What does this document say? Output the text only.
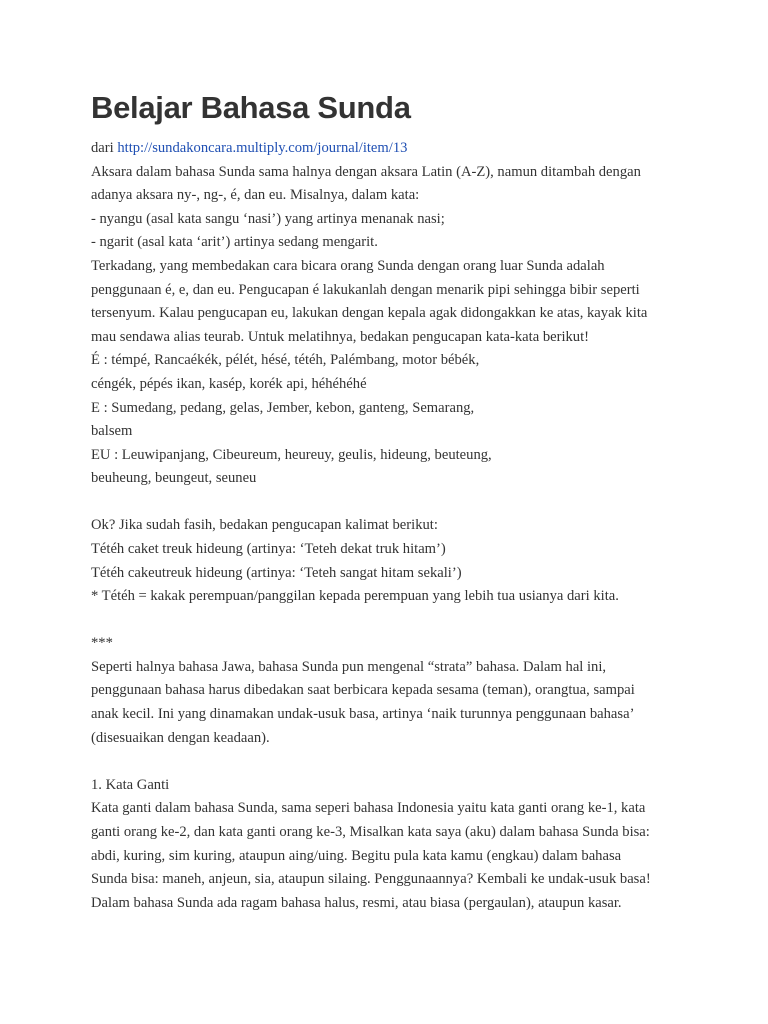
Belajar Bahasa Sunda

dari http://sundakoncara.multiply.com/journal/item/13

Aksara dalam bahasa Sunda sama halnya dengan aksara Latin (A-Z), namun ditambah dengan

adanya aksara ny-, ng-, é, dan eu. Misalnya, dalam kata:

- nyangu (asal kata sangu ‘nasi’) yang artinya menanak nasi;

- ngarit (asal kata ‘arit’) artinya sedang mengarit.

Terkadang, yang membedakan cara bicara orang Sunda dengan orang luar Sunda adalah

penggunaan é, e, dan eu. Pengucapan é lakukanlah dengan menarik pipi sehingga bibir seperti

tersenyum. Kalau pengucapan eu, lakukan dengan kepala agak didongakkan ke atas, kayak kita

mau sendawa alias teurab. Untuk melatihnya, bedakan pengucapan kata-kata berikut!

É : témpé, Rancaékék, pélét, hésé, tétéh, Palémbang, motor bébék,

céngék, pépés ikan, kasép, korék api, héhéhéhé

E : Sumedang, pedang, gelas, Jember, kebon, ganteng, Semarang,

balsem

EU : Leuwipanjang, Cibeureum, heureuy, geulis, hideung, beuteung,

beuheung, beungeut, seuneu

Ok? Jika sudah fasih, bedakan pengucapan kalimat berikut:

Tétéh caket treuk hideung (artinya: ‘Teteh dekat truk hitam’)

Tétéh cakeutreuk hideung (artinya: ‘Teteh sangat hitam sekali’)

* Tétéh = kakak perempuan/panggilan kepada perempuan yang lebih tua usianya dari kita.

***

Seperti halnya bahasa Jawa, bahasa Sunda pun mengenal “strata” bahasa. Dalam hal ini,

penggunaan bahasa harus dibedakan saat berbicara kepada sesama (teman), orangtua, sampai

anak kecil. Ini yang dinamakan undak-usuk basa, artinya ‘naik turunnya penggunaan bahasa’

(disesuaikan dengan keadaan).

1. Kata Ganti

Kata ganti dalam bahasa Sunda, sama seperi bahasa Indonesia yaitu kata ganti orang ke-1, kata

ganti orang ke-2, dan kata ganti orang ke-3, Misalkan kata saya (aku) dalam bahasa Sunda bisa:

abdi, kuring, sim kuring, ataupun aing/uing. Begitu pula kata kamu (engkau) dalam bahasa

Sunda bisa: maneh, anjeun, sia, ataupun silaing. Penggunaannya? Kembali ke undak-usuk basa!

Dalam bahasa Sunda ada ragam bahasa halus, resmi, atau biasa (pergaulan), ataupun kasar.
